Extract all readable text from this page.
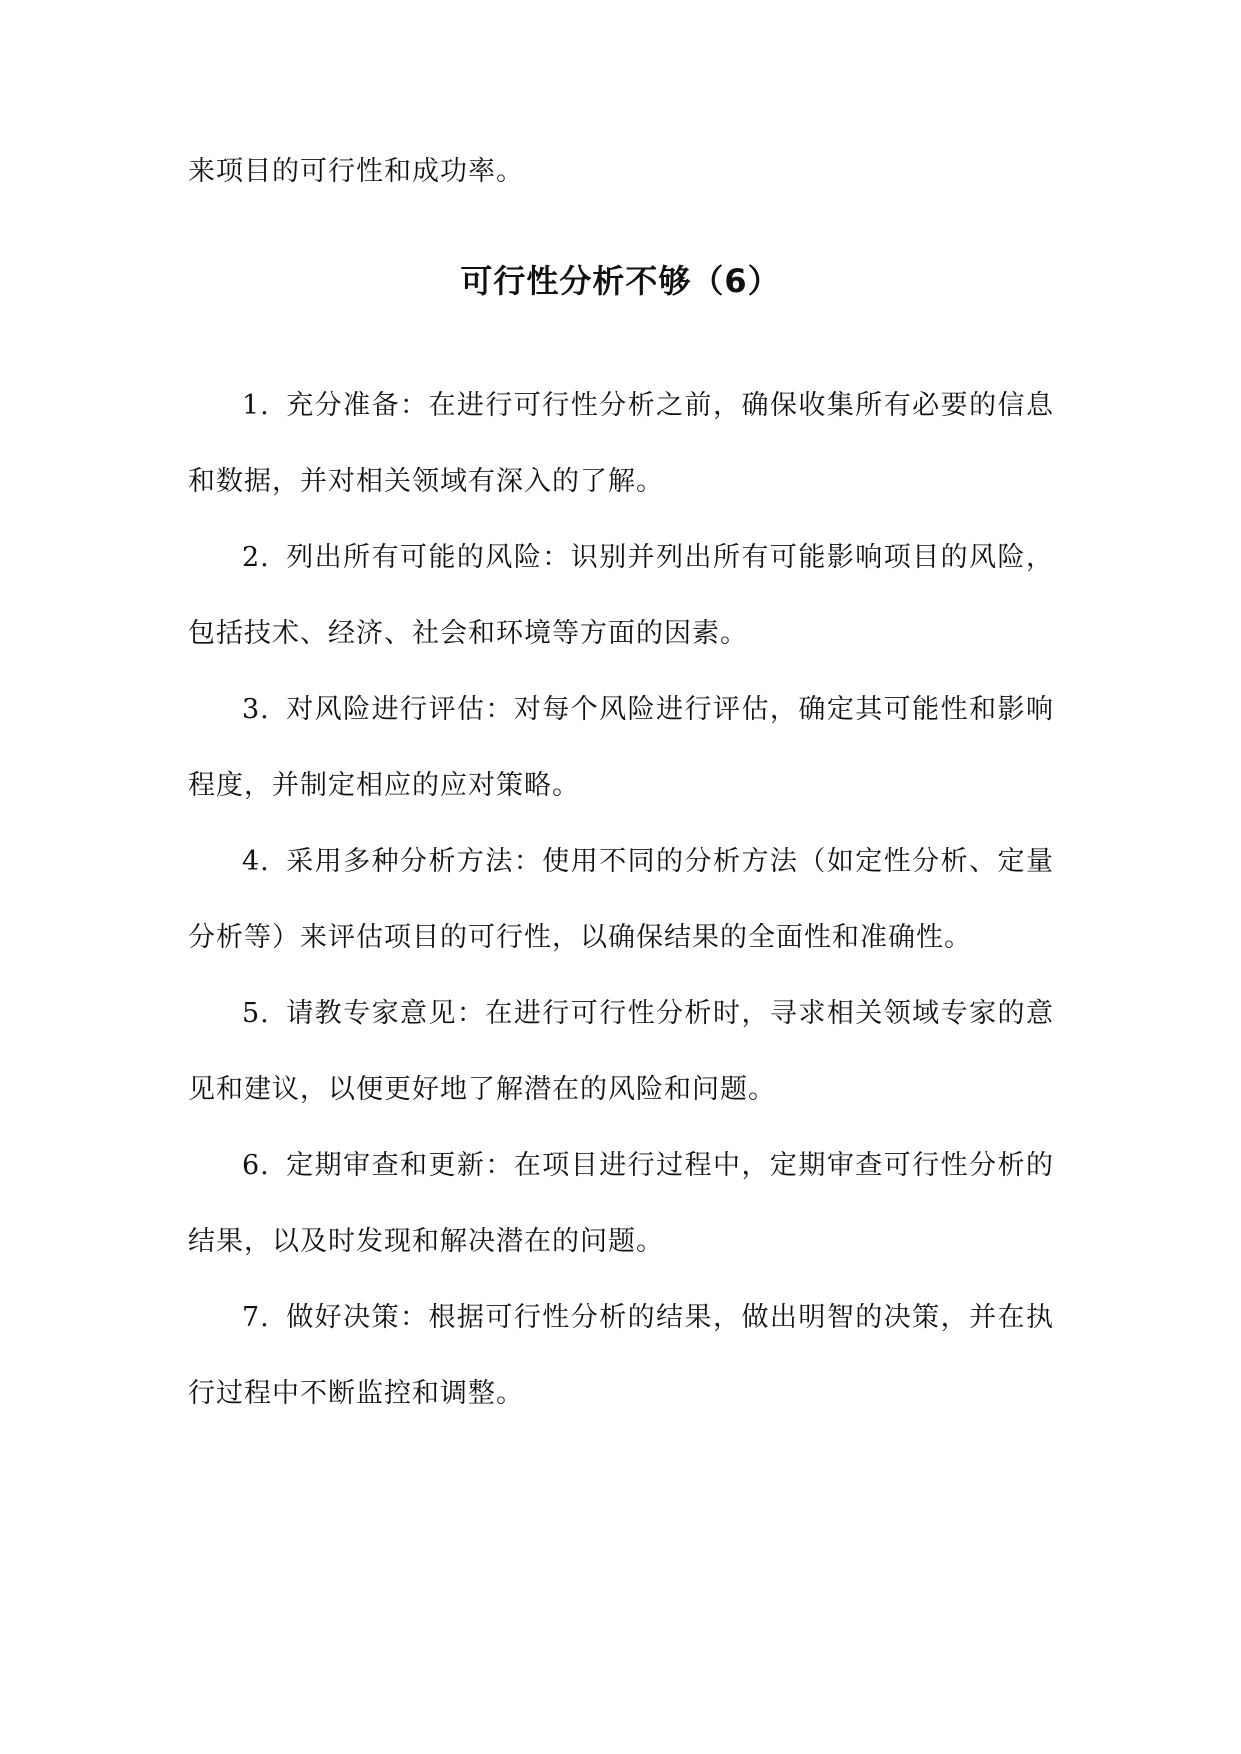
来项目的可行性和成功率。

可行性分析不够（6）

1. 充分准备：在进行可行性分析之前，确保收集所有必要的信息和数据，并对相关领域有深入的了解。

2. 列出所有可能的风险：识别并列出所有可能影响项目的风险，包括技术、经济、社会和环境等方面的因素。

3. 对风险进行评估：对每个风险进行评估，确定其可能性和影响程度，并制定相应的应对策略。

4. 采用多种分析方法：使用不同的分析方法（如定性分析、定量分析等）来评估项目的可行性，以确保结果的全面性和准确性。

5. 请教专家意见：在进行可行性分析时，寻求相关领域专家的意见和建议，以便更好地了解潜在的风险和问题。

6. 定期审查和更新：在项目进行过程中，定期审查可行性分析的结果，以及时发现和解决潜在的问题。

7. 做好决策：根据可行性分析的结果，做出明智的决策，并在执行过程中不断监控和调整。
